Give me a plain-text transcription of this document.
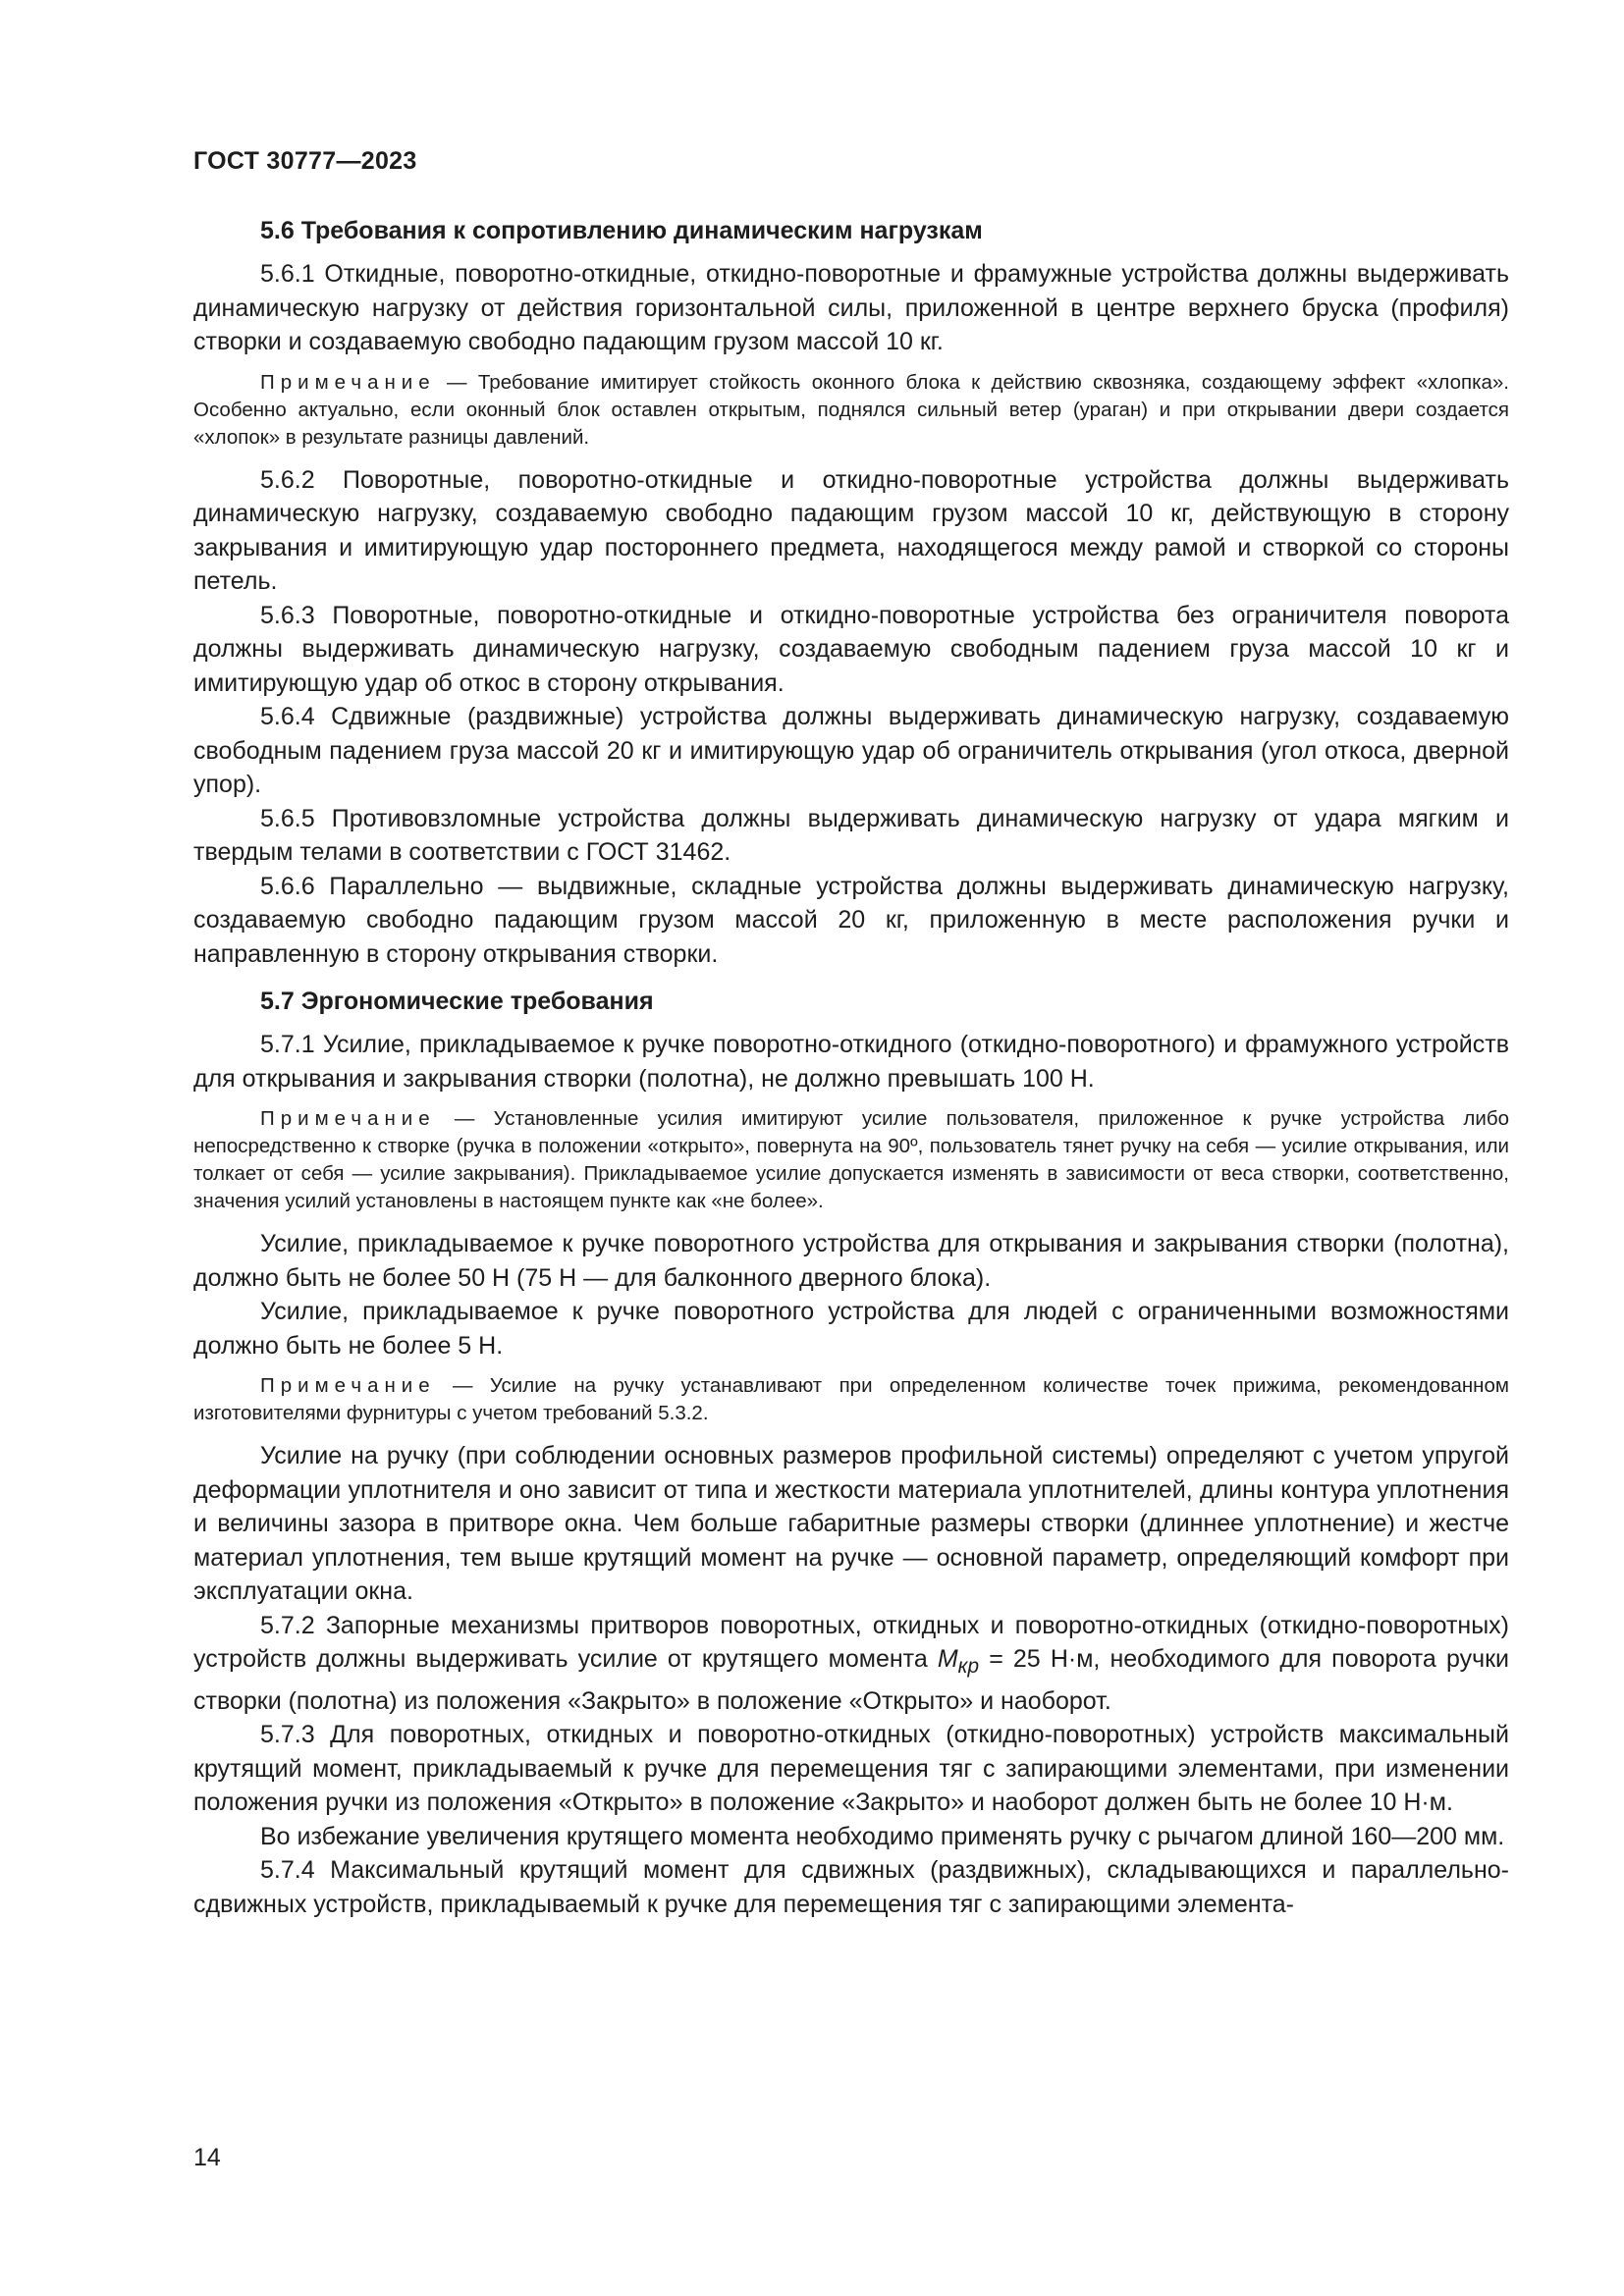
ГОСТ 30777—2023
5.6 Требования к сопротивлению динамическим нагрузкам

5.6.1 Откидные, поворотно-откидные, откидно-поворотные и фрамужные устройства должны выдерживать динамическую нагрузку от действия горизонтальной силы, приложенной в центре верхнего бруска (профиля) створки и создаваемую свободно падающим грузом массой 10 кг.

Примечание — Требование имитирует стойкость оконного блока к действию сквозняка, создающему эффект «хлопка». Особенно актуально, если оконный блок оставлен открытым, поднялся сильный ветер (ураган) и при открывании двери создается «хлопок» в результате разницы давлений.

5.6.2 Поворотные, поворотно-откидные и откидно-поворотные устройства должны выдерживать динамическую нагрузку, создаваемую свободно падающим грузом массой 10 кг, действующую в сторону закрывания и имитирующую удар постороннего предмета, находящегося между рамой и створкой со стороны петель.

5.6.3 Поворотные, поворотно-откидные и откидно-поворотные устройства без ограничителя поворота должны выдерживать динамическую нагрузку, создаваемую свободным падением груза массой 10 кг и имитирующую удар об откос в сторону открывания.

5.6.4 Сдвижные (раздвижные) устройства должны выдерживать динамическую нагрузку, создаваемую свободным падением груза массой 20 кг и имитирующую удар об ограничитель открывания (угол откоса, дверной упор).

5.6.5 Противовзломные устройства должны выдерживать динамическую нагрузку от удара мягким и твердым телами в соответствии с ГОСТ 31462.

5.6.6 Параллельно — выдвижные, складные устройства должны выдерживать динамическую нагрузку, создаваемую свободно падающим грузом массой 20 кг, приложенную в месте расположения ручки и направленную в сторону открывания створки.

5.7 Эргономические требования

5.7.1 Усилие, прикладываемое к ручке поворотно-откидного (откидно-поворотного) и фрамужного устройств для открывания и закрывания створки (полотна), не должно превышать 100 Н.

Примечание — Установленные усилия имитируют усилие пользователя, приложенное к ручке устройства либо непосредственно к створке (ручка в положении «открыто», повернута на 90º, пользователь тянет ручку на себя — усилие открывания, или толкает от себя — усилие закрывания). Прикладываемое усилие допускается изменять в зависимости от веса створки, соответственно, значения усилий установлены в настоящем пункте как «не более».

Усилие, прикладываемое к ручке поворотного устройства для открывания и закрывания створки (полотна), должно быть не более 50 Н (75 Н — для балконного дверного блока).

Усилие, прикладываемое к ручке поворотного устройства для людей с ограниченными возможностями должно быть не более 5 Н.

Примечание — Усилие на ручку устанавливают при определенном количестве точек прижима, рекомендованном изготовителями фурнитуры с учетом требований 5.3.2.

Усилие на ручку (при соблюдении основных размеров профильной системы) определяют с учетом упругой деформации уплотнителя и оно зависит от типа и жесткости материала уплотнителей, длины контура уплотнения и величины зазора в притворе окна. Чем больше габаритные размеры створки (длиннее уплотнение) и жестче материал уплотнения, тем выше крутящий момент на ручке — основной параметр, определяющий комфорт при эксплуатации окна.

5.7.2 Запорные механизмы притворов поворотных, откидных и поворотно-откидных (откидно-поворотных) устройств должны выдерживать усилие от крутящего момента $M_{кр} = 25$ Н·м, необходимого для поворота ручки створки (полотна) из положения «Закрыто» в положение «Открыто» и наоборот.

5.7.3 Для поворотных, откидных и поворотно-откидных (откидно-поворотных) устройств максимальный крутящий момент, прикладываемый к ручке для перемещения тяг с запирающими элементами, при изменении положения ручки из положения «Открыто» в положение «Закрыто» и наоборот должен быть не более 10 Н·м.

Во избежание увеличения крутящего момента необходимо применять ручку с рычагом длиной 160—200 мм.

5.7.4 Максимальный крутящий момент для сдвижных (раздвижных), складывающихся и параллельно-сдвижных устройств, прикладываемый к ручке для перемещения тяг с запирающими элемента-

14
